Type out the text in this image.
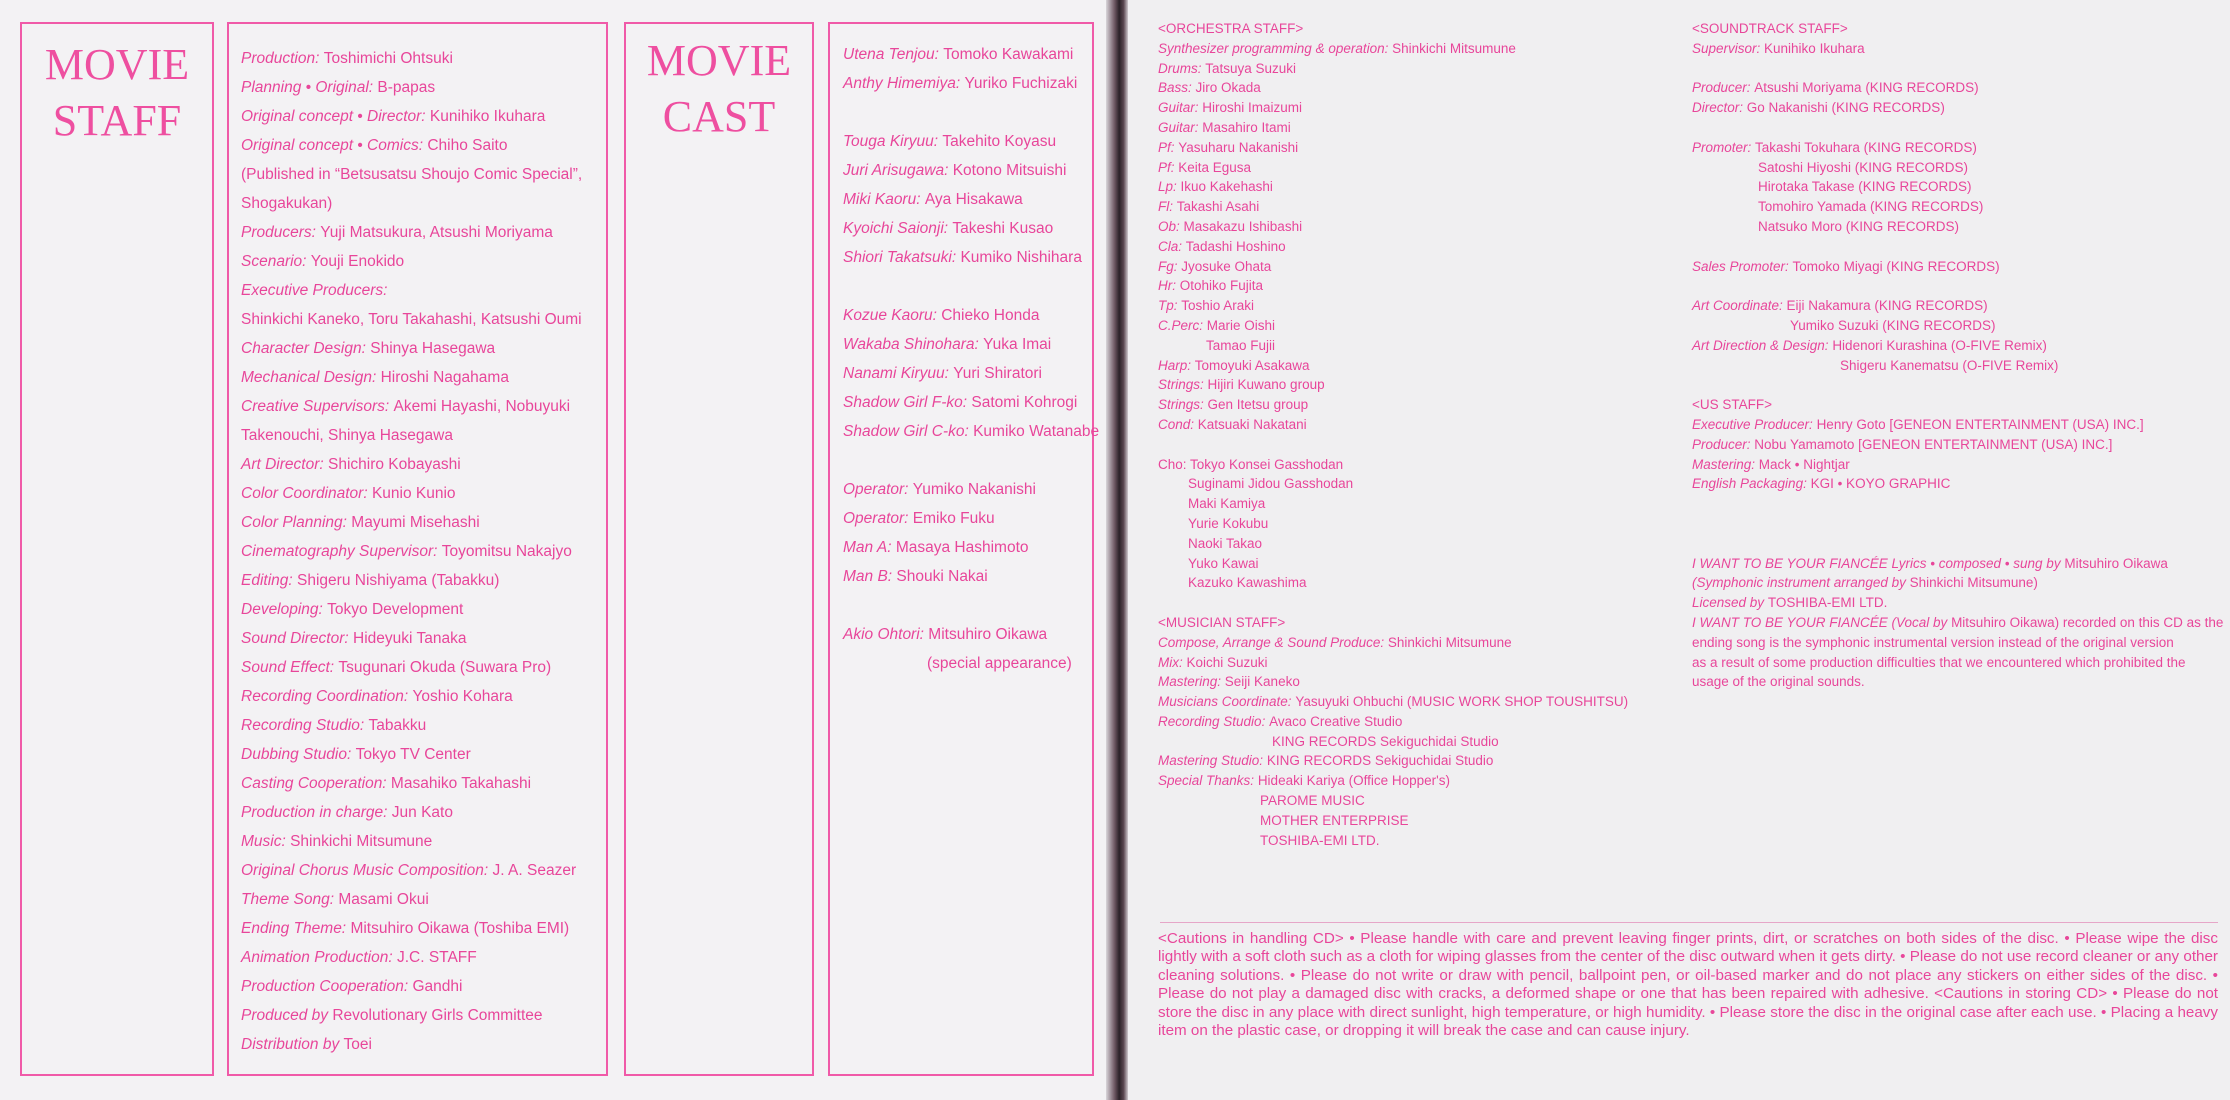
MOVIE
STAFF
Production: Toshimichi Ohtsuki
Planning • Original: B-papas
Original concept • Director: Kunihiko Ikuhara
Original concept • Comics: Chiho Saito
(Published in “Betsusatsu Shoujo Comic Special”,
Shogakukan)
Producers: Yuji Matsukura, Atsushi Moriyama
Scenario: Youji Enokido
Executive Producers:
Shinkichi Kaneko, Toru Takahashi, Katsushi Oumi
Character Design: Shinya Hasegawa
Mechanical Design: Hiroshi Nagahama
Creative Supervisors: Akemi Hayashi, Nobuyuki
Takenouchi, Shinya Hasegawa
Art Director: Shichiro Kobayashi
Color Coordinator: Kunio Kunio
Color Planning: Mayumi Misehashi
Cinematography Supervisor: Toyomitsu Nakajyo
Editing: Shigeru Nishiyama (Tabakku)
Developing: Tokyo Development
Sound Director: Hideyuki Tanaka
Sound Effect: Tsugunari Okuda (Suwara Pro)
Recording Coordination: Yoshio Kohara
Recording Studio: Tabakku
Dubbing Studio: Tokyo TV Center
Casting Cooperation: Masahiko Takahashi
Production in charge: Jun Kato
Music: Shinkichi Mitsumune
Original Chorus Music Composition: J. A. Seazer
Theme Song: Masami Okui
Ending Theme: Mitsuhiro Oikawa (Toshiba EMI)
Animation Production: J.C. STAFF
Production Cooperation: Gandhi
Produced by Revolutionary Girls Committee
Distribution by Toei
MOVIE
CAST
Utena Tenjou: Tomoko Kawakami
Anthy Himemiya: Yuriko Fuchizaki
Touga Kiryuu: Takehito Koyasu
Juri Arisugawa: Kotono Mitsuishi
Miki Kaoru: Aya Hisakawa
Kyoichi Saionji: Takeshi Kusao
Shiori Takatsuki: Kumiko Nishihara
Kozue Kaoru: Chieko Honda
Wakaba Shinohara: Yuka Imai
Nanami Kiryuu: Yuri Shiratori
Shadow Girl F-ko: Satomi Kohrogi
Shadow Girl C-ko: Kumiko Watanabe
Operator: Yumiko Nakanishi
Operator: Emiko Fuku
Man A: Masaya Hashimoto
Man B: Shouki Nakai
Akio Ohtori: Mitsuhiro Oikawa
(special appearance)
<ORCHESTRA STAFF>
Synthesizer programming & operation: Shinkichi Mitsumune
Drums: Tatsuya Suzuki
Bass: Jiro Okada
Guitar: Hiroshi Imaizumi
Guitar: Masahiro Itami
Pf: Yasuharu Nakanishi
Pf: Keita Egusa
Lp: Ikuo Kakehashi
Fl: Takashi Asahi
Ob: Masakazu Ishibashi
Cla: Tadashi Hoshino
Fg: Jyosuke Ohata
Hr: Otohiko Fujita
Tp: Toshio Araki
C.Perc: Marie Oishi
Tamao Fujii
Harp: Tomoyuki Asakawa
Strings: Hijiri Kuwano group
Strings: Gen Itetsu group
Cond: Katsuaki Nakatani
Cho: Tokyo Konsei Gasshodan
Suginami Jidou Gasshodan
Maki Kamiya
Yurie Kokubu
Naoki Takao
Yuko Kawai
Kazuko Kawashima
<MUSICIAN STAFF>
Compose, Arrange & Sound Produce: Shinkichi Mitsumune
Mix: Koichi Suzuki
Mastering: Seiji Kaneko
Musicians Coordinate: Yasuyuki Ohbuchi (MUSIC WORK SHOP TOUSHITSU)
Recording Studio: Avaco Creative Studio
KING RECORDS Sekiguchidai Studio
Mastering Studio: KING RECORDS Sekiguchidai Studio
Special Thanks: Hideaki Kariya (Office Hopper's)
PAROME MUSIC
MOTHER ENTERPRISE
TOSHIBA-EMI LTD.
<SOUNDTRACK STAFF>
Supervisor: Kunihiko Ikuhara
Producer: Atsushi Moriyama (KING RECORDS)
Director: Go Nakanishi (KING RECORDS)
Promoter: Takashi Tokuhara (KING RECORDS)
Satoshi Hiyoshi (KING RECORDS)
Hirotaka Takase (KING RECORDS)
Tomohiro Yamada (KING RECORDS)
Natsuko Moro (KING RECORDS)
Sales Promoter: Tomoko Miyagi (KING RECORDS)
Art Coordinate: Eiji Nakamura (KING RECORDS)
Yumiko Suzuki (KING RECORDS)
Art Direction & Design: Hidenori Kurashina (O-FIVE Remix)
Shigeru Kanematsu (O-FIVE Remix)
<US STAFF>
Executive Producer: Henry Goto [GENEON ENTERTAINMENT (USA) INC.]
Producer: Nobu Yamamoto [GENEON ENTERTAINMENT (USA) INC.]
Mastering: Mack • Nightjar
English Packaging: KGI • KOYO GRAPHIC
I WANT TO BE YOUR FIANCÉE Lyrics • composed • sung by Mitsuhiro Oikawa
(Symphonic instrument arranged by Shinkichi Mitsumune)
Licensed by TOSHIBA-EMI LTD.
I WANT TO BE YOUR FIANCÉE (Vocal by Mitsuhiro Oikawa) recorded on this CD as the
ending song is the symphonic instrumental version instead of the original version
as a result of some production difficulties that we encountered which prohibited the
usage of the original sounds.
<Cautions in handling CD> • Please handle with care and prevent leaving finger prints, dirt, or scratches on both sides of the disc. • Please wipe the disc lightly with a soft cloth such as a cloth for wiping glasses from the center of the disc outward when it gets dirty. • Please do not use record cleaner or any other cleaning solutions. • Please do not write or draw with pencil, ballpoint pen, or oil-based marker and do not place any stickers on either sides of the disc. • Please do not play a damaged disc with cracks, a deformed shape or one that has been repaired with adhesive. <Cautions in storing CD> • Please do not store the disc in any place with direct sunlight, high temperature, or high humidity. • Please store the disc in the original case after each use. • Placing a heavy item on the plastic case, or dropping it will break the case and can cause injury.
